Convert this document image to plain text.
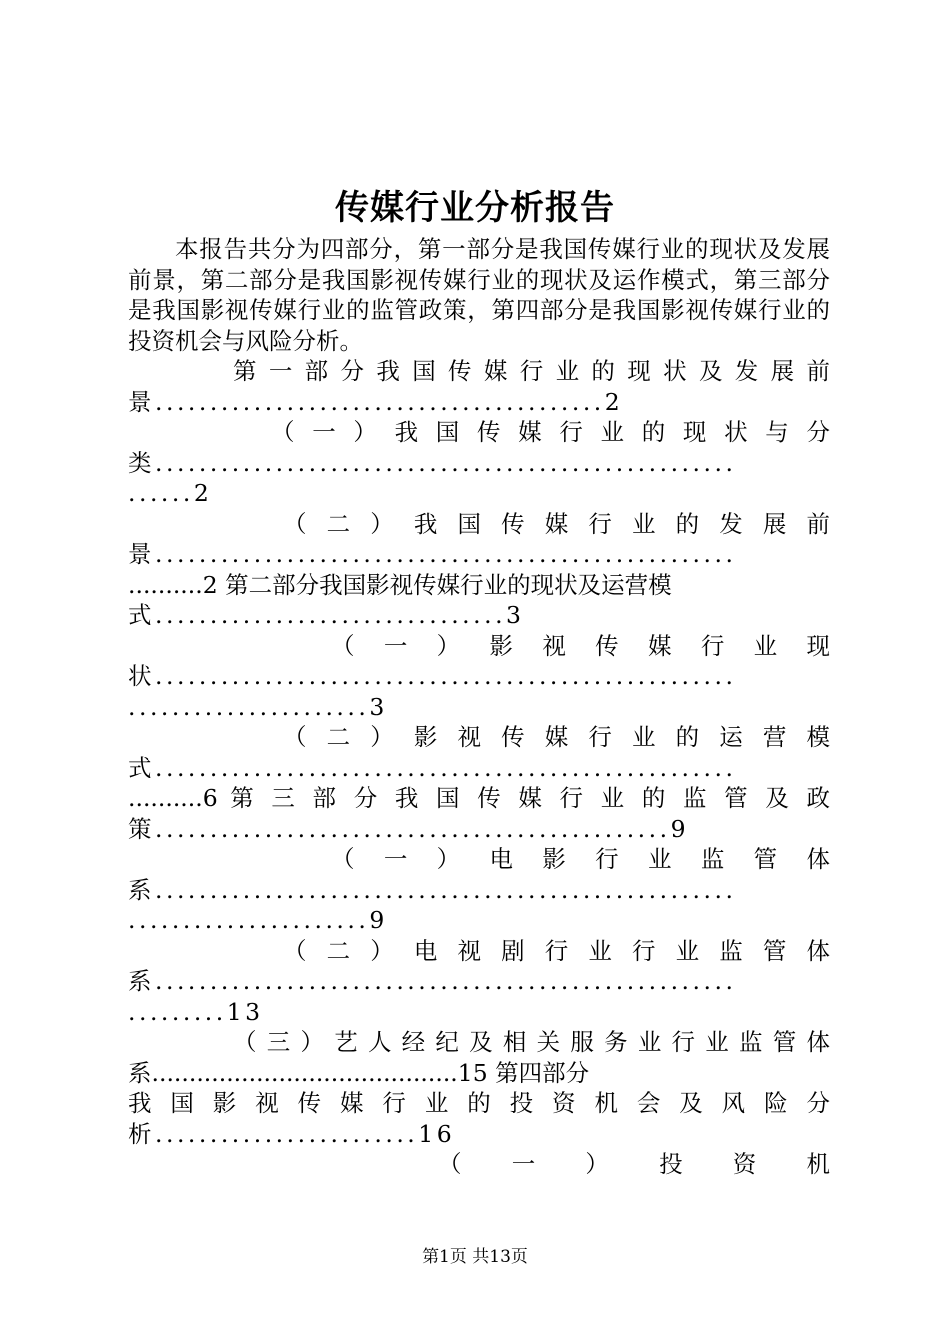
传媒行业分析报告

本报告共分为四部分，第一部分是我国传媒行业的现状及发展前景，第二部分是我国影视传媒行业的现状及运作模式，第三部分是我国影视传媒行业的监管政策，第四部分是我国影视传媒行业的投资机会与风险分析。

第 一 部 分 我 国 传 媒 行 业 的 现 状 及 发 展 前
景.........................................2
（ 一 ） 我 国 传 媒 行 业 的 现 状 与 分
类.....................................................
......2
（ 二 ） 我 国 传 媒 行 业 的 发 展 前
景.....................................................
..........2 第二部分我国影视传媒行业的现状及运营模
式................................3
（ 一 ） 影 视 传 媒 行 业 现
状.....................................................
......................3
（ 二 ） 影 视 传 媒 行 业 的 运 营 模
式.....................................................
..........6 第 三 部 分 我 国 传 媒 行 业 的 监 管 及 政
策...............................................9
（ 一 ） 电 影 行 业 监 管 体
系.....................................................
......................9
（ 二 ） 电 视 剧 行 业 行 业 监 管 体
系.....................................................
.........13
（ 三 ） 艺 人 经 纪 及 相 关 服 务 业 行 业 监 管 体
系.........................................15 第四部分
我 国 影 视 传 媒 行 业 的 投 资 机 会 及 风 险 分
析........................16
（ 一 ） 投 资 机
第1页 共13页
